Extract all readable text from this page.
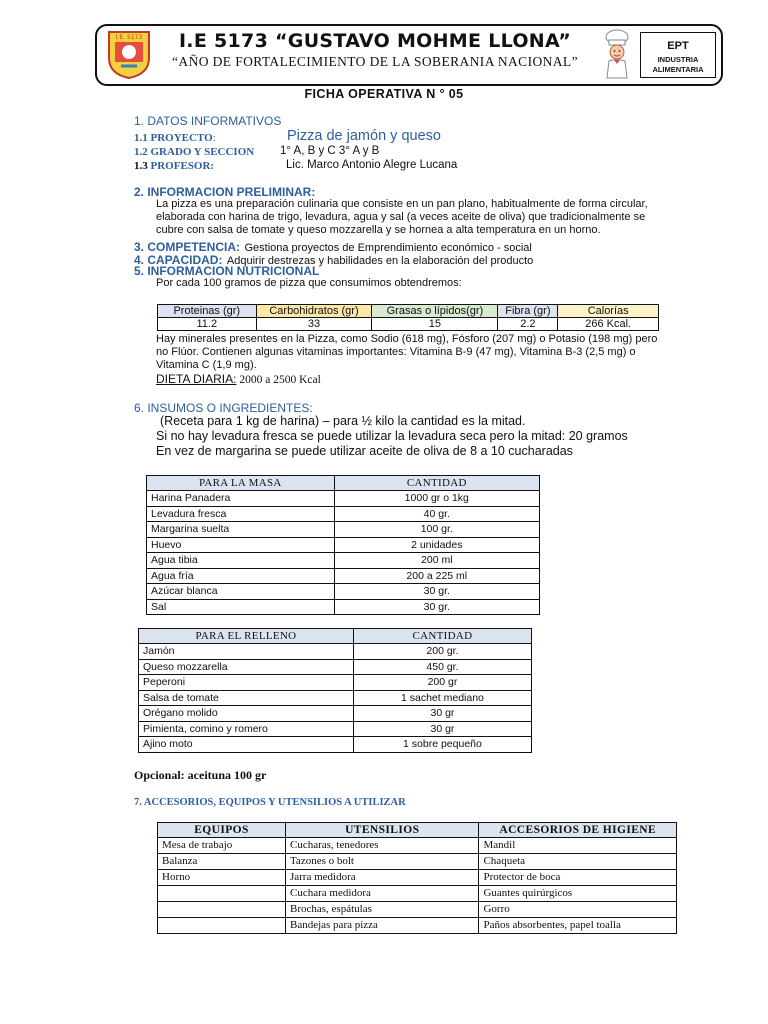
I.E. 5173	I.E 5173 “GUSTAVO MOHME LLONA”
“AÑO DE FORTALECIMIENTO DE LA SOBERANIA NACIONAL”
EPT
INDUSTRIA
ALIMENTARIA
FICHA OPERATIVA N ° 05
1. DATOS INFORMATIVOS
1.1 PROYECTO:	Pizza de jamón y queso
1.2 GRADO Y SECCION 1° A, B y C 3° A y B
1.3 PROFESOR:	Lic. Marco Antonio Alegre Lucana
2. INFORMACION PRELIMINAR:
La pizza es una preparación culinaria que consiste en un pan plano, habitualmente de forma circular,
elaborada con harina de trigo, levadura, agua y sal (a veces aceite de oliva) que tradicionalmente se
cubre con salsa de tomate y queso mozzarella y se hornea a alta temperatura en un horno.
3. COMPETENCIA: Gestiona proyectos de Emprendimiento económico - social
4. CAPACIDAD: Adquirir destrezas y habilidades en la elaboración del producto
5. INFORMACION NUTRICIONAL
Por cada 100 gramos de pizza que consumimos obtendremos:
Proteinas (gr)	Carbohidratos (gr)	Grasas o lípidos(gr)	Fibra (gr)	Calorías
11.2	33	15	2.2	266 Kcal.
Hay minerales presentes en la Pizza, como Sodio (618 mg), Fósforo (207 mg) o Potasio (198 mg) pero
no Flúor. Contienen algunas vitaminas importantes: Vitamina B-9 (47 mg), Vitamina B-3 (2,5 mg) o
Vitamina C (1,9 mg).
DIETA DIARIA: 2000 a 2500 Kcal
6. INSUMOS O INGREDIENTES:
(Receta para 1 kg de harina) – para ½ kilo la cantidad es la mitad.
Si no hay levadura fresca se puede utilizar la levadura seca pero la mitad: 20 gramos
En vez de margarina se puede utilizar aceite de oliva de 8 a 10 cucharadas
PARA LA MASA	CANTIDAD
Harina Panadera	1000 gr o 1kg
Levadura fresca	40 gr.
Margarina suelta	100 gr.
Huevo	2 unidades
Agua tibia	200 ml
Agua fría	200 a 225 ml
Azúcar blanca	30 gr.
Sal	30 gr.
PARA EL RELLENO	CANTIDAD
Jamón	200 gr.
Queso mozzarella	450 gr.
Peperoni	200 gr
Salsa de tomate	1 sachet mediano
Orégano molido	30 gr
Pimienta, comino y romero	30 gr
Ajino moto	1 sobre pequeño
Opcional: aceituna 100 gr
7. ACCESORIOS, EQUIPOS Y UTENSILIOS A UTILIZAR
EQUIPOS	UTENSILIOS	ACCESORIOS DE HIGIENE
Mesa de trabajo	Cucharas, tenedores	Mandil
Balanza	Tazones o bolt	Chaqueta
Horno	Jarra medidora	Protector de boca
	Cuchara medidora	Guantes quirúrgicos
	Brochas, espátulas	Gorro
	Bandejas para pizza	Paños absorbentes, papel toalla
